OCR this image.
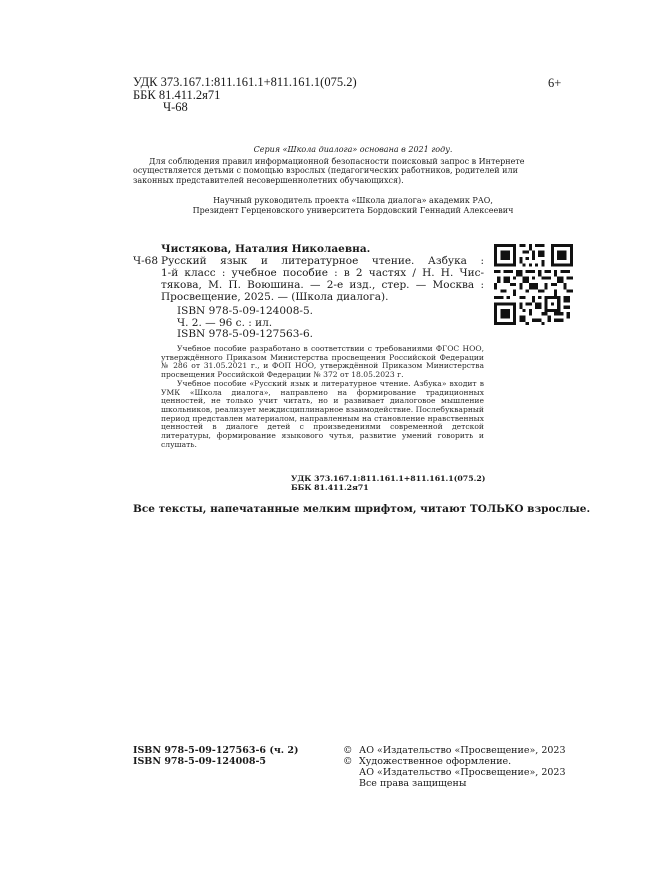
УДК 373.167.1:811.161.1+811.161.1(075.2)
ББК 81.411.2я71
Ч-68
6+
Серия «Школа диалога» основана в 2021 году.
Для соблюдения правил информационной безопасности поисковый запрос в Интернете
осуществляется детьми с помощью взрослых (педагогических работников, родителей или
законных представителей несовершеннолетних обучающихся).
Научный руководитель проекта «Школа диалога» академик РАО,
Президент Герценовского университета Бордовский Геннадий Алексеевич
Чистякова, Наталия Николаевна.
Ч-68 Русский язык и литературное чтение. Азбука :
1-й класс : учебное пособие : в 2 частях / Н. Н. Чис-
тякова, М. П. Воюшина. — 2-е изд., стер. — Москва :
Просвещение, 2025. — (Школа диалога).
ISBN 978-5-09-124008-5.
Ч. 2. — 96 с. : ил.
ISBN 978-5-09-127563-6.

Учебное пособие разработано в соответствии с требованиями ФГОС НОО, утверждённого Приказом Министерства просвещения Российской Федерации № 286 от 31.05.2021 г., и ФОП НОО, утверждённой Приказом Министерства просвещения Российской Федерации № 372 от 18.05.2023 г.

Учебное пособие «Русский язык и литературное чтение. Азбука» входит в УМК «Школа диалога», направлено на формирование традиционных ценностей, не только учит читать, но и развивает диалоговое мышление школьников, реализует междисциплинарное взаимодействие. Послебукварный период представлен материалом, направленным на становление нравственных ценностей в диалоге детей с произведениями современной детской литературы, формирование языкового чутья, развитие умений говорить и слушать.

УДК 373.167.1:811.161.1+811.161.1(075.2)
ББК 81.411.2я71
Все тексты, напечатанные мелким шрифтом, читают ТОЛЬКО взрослые.
ISBN 978-5-09-127563-6 (ч. 2)
ISBN 978-5-09-124008-5
© АО «Издательство «Просвещение», 2023
© Художественное оформление.
АО «Издательство «Просвещение», 2023
Все права защищены
